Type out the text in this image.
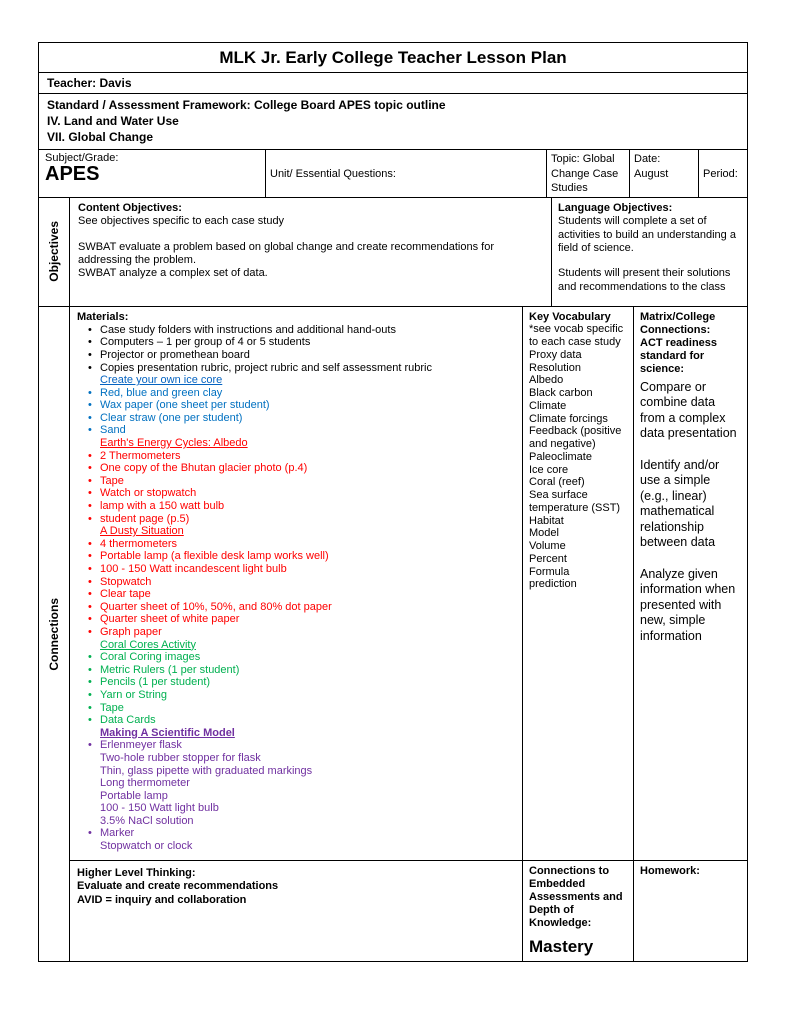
MLK Jr. Early College Teacher Lesson Plan
Teacher: Davis
Standard / Assessment Framework: College Board APES topic outline
IV. Land and Water Use
VII. Global Change
Subject/Grade:
APES	Unit/ Essential Questions:
Topic: Global Change Case Studies
Date:
August	Period:
Objectives
Content Objectives:
See objectives specific to each case study
SWBAT evaluate a problem based on global change and create recommendations for addressing the problem.
SWBAT analyze a complex set of data.
Language Objectives:
Students will complete a set of activities to build an understanding a field of science.
Students will present their solutions and recommendations to the class
Connections
Materials:
• Case study folders with instructions and additional hand-outs
• Computers – 1 per group of 4 or 5 students
• Projector or promethean board
• Copies presentation rubric, project rubric and self assessment rubric
Create your own ice core
• Red, blue and green clay
• Wax paper (one sheet per student)
• Clear straw (one per student)
• Sand
Earth's Energy Cycles: Albedo
• 2 Thermometers
• One copy of the Bhutan glacier photo (p.4)
• Tape
• Watch or stopwatch
• lamp with a 150 watt bulb
• student page (p.5)
A Dusty Situation
• 4 thermometers
• Portable lamp (a flexible desk lamp works well)
• 100 - 150 Watt incandescent light bulb
• Stopwatch
• Clear tape
• Quarter sheet of 10%, 50%, and 80% dot paper
• Quarter sheet of white paper
• Graph paper
Coral Cores Activity
• Coral Coring images
• Metric Rulers (1 per student)
• Pencils (1 per student)
• Yarn or String
• Tape
• Data Cards
Making A Scientific Model
• Erlenmeyer flask
Two-hole rubber stopper for flask
Thin, glass pipette with graduated markings
Long thermometer
Portable lamp
100 - 150 Watt light bulb
3.5% NaCl solution
• Marker
Stopwatch or clock
Key Vocabulary
*see vocab specific to each case study
Proxy data
Resolution
Albedo
Black carbon
Climate
Climate forcings
Feedback (positive and negative)
Paleoclimate
Ice core
Coral (reef)
Sea surface temperature (SST)
Habitat
Model
Volume
Percent
Formula
prediction
Matrix/College Connections:
ACT readiness standard for science:
Compare or combine data from a complex data presentation
Identify and/or use a simple (e.g., linear) mathematical relationship between data
Analyze given information when presented with new, simple information
Higher Level Thinking:
Evaluate and create recommendations
AVID = inquiry and collaboration
Connections to Embedded Assessments and Depth of Knowledge:
Mastery
Homework:
